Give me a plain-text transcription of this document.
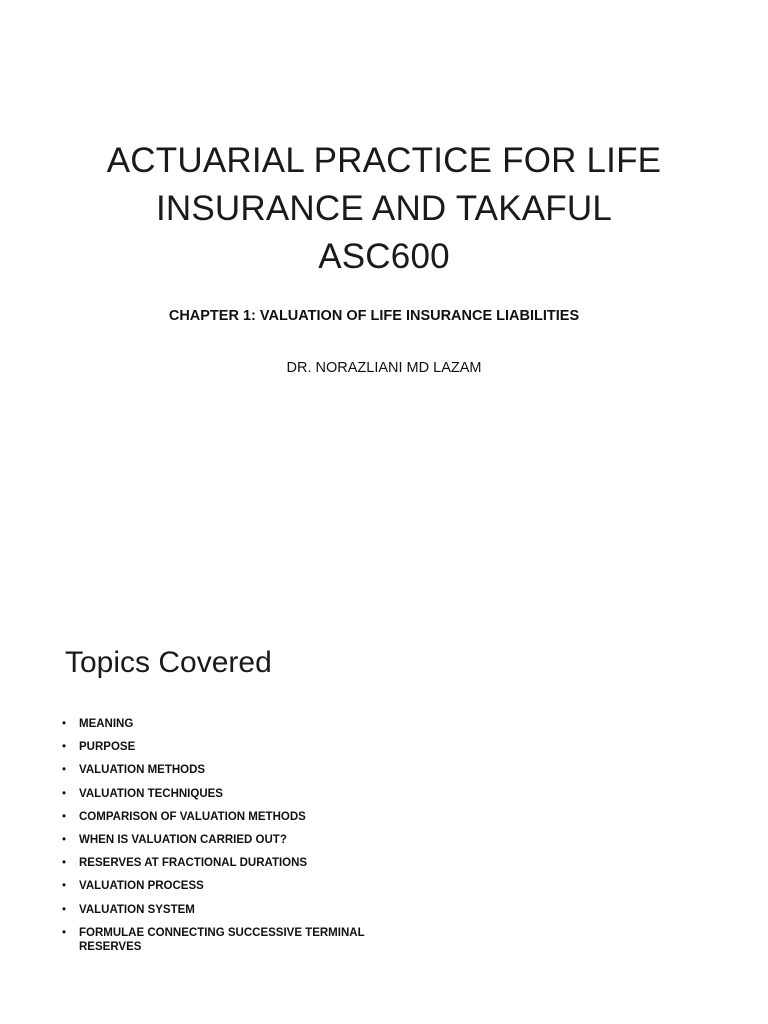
ACTUARIAL PRACTICE FOR LIFE
INSURANCE AND TAKAFUL
ASC600
CHAPTER 1: VALUATION OF LIFE INSURANCE LIABILITIES
DR. NORAZLIANI MD LAZAM
Topics Covered
• MEANING
• PURPOSE
• VALUATION METHODS
• VALUATION TECHNIQUES
• COMPARISON OF VALUATION METHODS
• WHEN IS VALUATION CARRIED OUT?
• RESERVES AT FRACTIONAL DURATIONS
• VALUATION PROCESS
• VALUATION SYSTEM
• FORMULAE CONNECTING SUCCESSIVE TERMINAL RESERVES
